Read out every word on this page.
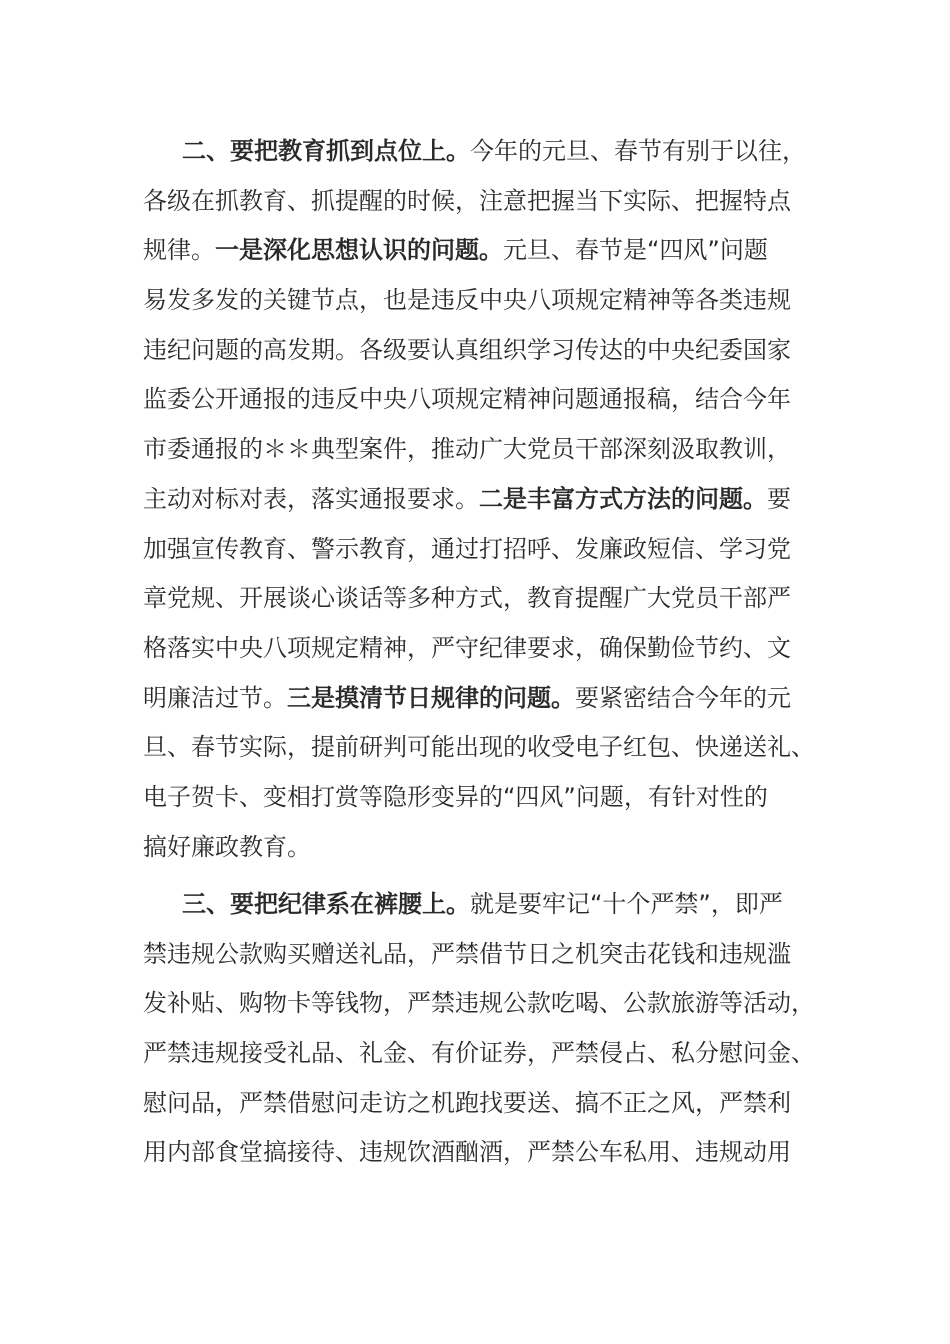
二、要把教育抓到点位上。今年的元旦、春节有别于以往，
各级在抓教育、抓提醒的时候，注意把握当下实际、把握特点
规律。一是深化思想认识的问题。元旦、春节是“四风”问题
易发多发的关键节点，也是违反中央八项规定精神等各类违规
违纪问题的高发期。各级要认真组织学习传达的中央纪委国家
监委公开通报的违反中央八项规定精神问题通报稿，结合今年
市委通报的＊＊典型案件，推动广大党员干部深刻汲取教训，
主动对标对表，落实通报要求。二是丰富方式方法的问题。要
加强宣传教育、警示教育，通过打招呼、发廉政短信、学习党
章党规、开展谈心谈话等多种方式，教育提醒广大党员干部严
格落实中央八项规定精神，严守纪律要求，确保勤俭节约、文
明廉洁过节。三是摸清节日规律的问题。要紧密结合今年的元
旦、春节实际，提前研判可能出现的收受电子红包、快递送礼、
电子贺卡、变相打赏等隐形变异的“四风”问题，有针对性的
搞好廉政教育。
三、要把纪律系在裤腰上。就是要牢记“十个严禁”，即严
禁违规公款购买赠送礼品，严禁借节日之机突击花钱和违规滥
发补贴、购物卡等钱物，严禁违规公款吃喝、公款旅游等活动，
严禁违规接受礼品、礼金、有价证券，严禁侵占、私分慰问金、
慰问品，严禁借慰问走访之机跑找要送、搞不正之风，严禁利
用内部食堂搞接待、违规饮酒酗酒，严禁公车私用、违规动用
